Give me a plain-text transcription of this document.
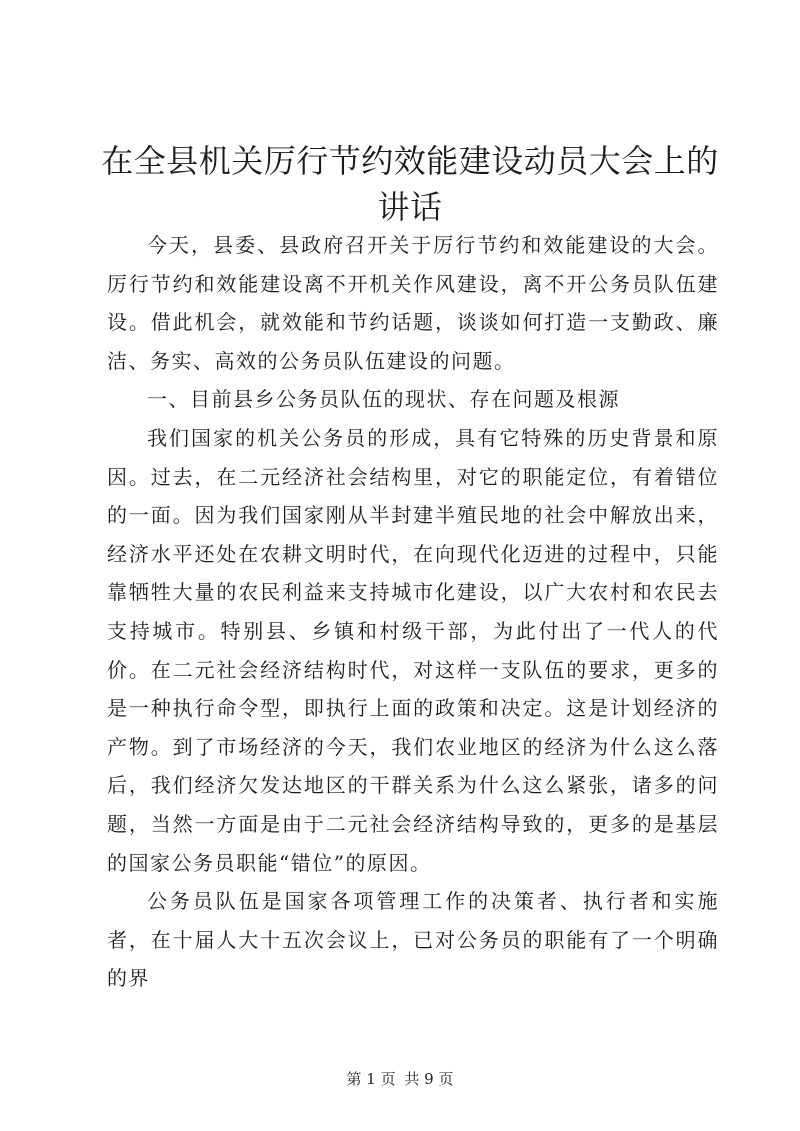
在全县机关厉行节约效能建设动员大会上的讲话

今天，县委、县政府召开关于厉行节约和效能建设的大会。厉行节约和效能建设离不开机关作风建设，离不开公务员队伍建设。借此机会，就效能和节约话题，谈谈如何打造一支勤政、廉洁、务实、高效的公务员队伍建设的问题。

一、目前县乡公务员队伍的现状、存在问题及根源

我们国家的机关公务员的形成，具有它特殊的历史背景和原因。过去，在二元经济社会结构里，对它的职能定位，有着错位的一面。因为我们国家刚从半封建半殖民地的社会中解放出来，经济水平还处在农耕文明时代，在向现代化迈进的过程中，只能靠牺牲大量的农民利益来支持城市化建设，以广大农村和农民去支持城市。特别县、乡镇和村级干部，为此付出了一代人的代价。在二元社会经济结构时代，对这样一支队伍的要求，更多的是一种执行命令型，即执行上面的政策和决定。这是计划经济的产物。到了市场经济的今天，我们农业地区的经济为什么这么落后，我们经济欠发达地区的干群关系为什么这么紧张，诸多的问题，当然一方面是由于二元社会经济结构导致的，更多的是基层的国家公务员职能“错位”的原因。

公务员队伍是国家各项管理工作的决策者、执行者和实施者，在十届人大十五次会议上，已对公务员的职能有了一个明确的界

第 1 页 共 9 页
